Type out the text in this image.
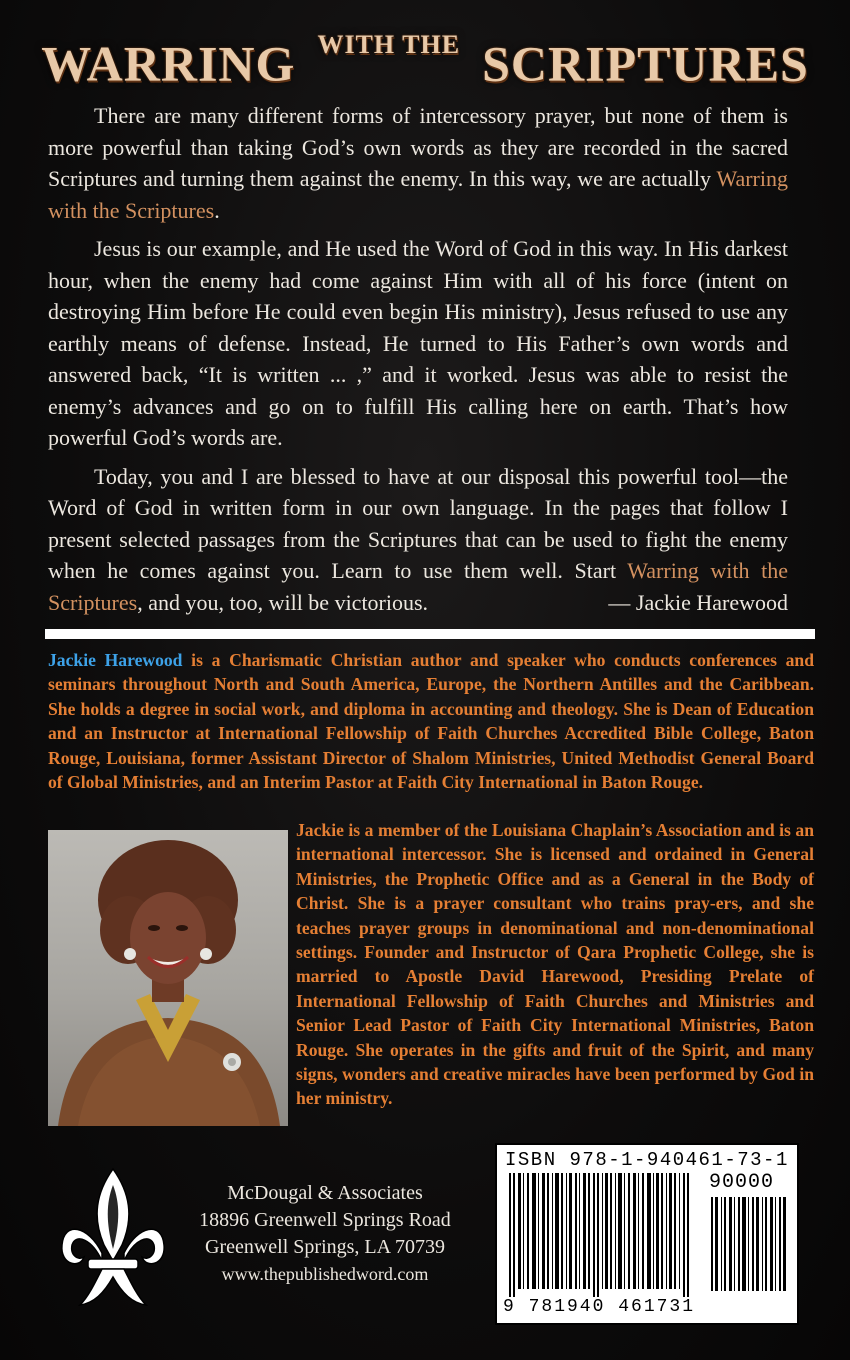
WARRING WITH THE SCRIPTURES

There are many different forms of intercessory prayer, but none of them is more powerful than taking God’s own words as they are recorded in the sacred Scriptures and turning them against the enemy. In this way, we are actually Warring with the Scriptures.

Jesus is our example, and He used the Word of God in this way. In His darkest hour, when the enemy had come against Him with all of his force (intent on destroying Him before He could even begin His ministry), Jesus refused to use any earthly means of defense. Instead, He turned to His Father’s own words and answered back, “It is written ... ,” and it worked. Jesus was able to resist the enemy’s advances and go on to fulfill His calling here on earth. That’s how powerful God’s words are.

Today, you and I are blessed to have at our disposal this powerful tool—the Word of God in written form in our own language. In the pages that follow I present selected passages from the Scriptures that can be used to fight the enemy when he comes against you. Learn to use them well. Start Warring with the Scriptures, and you, too, will be victorious.	— Jackie Harewood

Jackie Harewood is a Charismatic Christian author and speaker who conducts conferences and seminars throughout North and South America, Europe, the Northern Antilles and the Caribbean. She holds a degree in social work, and diploma in accounting and theology. She is Dean of Education and an Instructor at International Fellowship of Faith Churches Accredited Bible College, Baton Rouge, Louisiana, former Assistant Director of Shalom Ministries, United Methodist General Board of Global Ministries, and an Interim Pastor at Faith City International in Baton Rouge.
Jackie is a member of the Louisiana Chaplain’s Association and is an international intercessor. She is licensed and ordained in General Ministries, the Prophetic Office and as a General in the Body of Christ. She is a prayer consultant who trains pray-ers, and she teaches prayer groups in denominational and non-denominational settings. Founder and Instructor of Qara Prophetic College, she is married to Apostle David Harewood, Presiding Prelate of International Fellowship of Faith Churches and Ministries and Senior Lead Pastor of Faith City International Ministries, Baton Rouge. She operates in the gifts and fruit of the Spirit, and many signs, wonders and creative miracles have been performed by God in her ministry.
McDougal & Associates
18896 Greenwell Springs Road
Greenwell Springs, LA 70739
www.thepublishedword.com
ISBN 978-1-940461-73-1
90000
9 781940 461731
